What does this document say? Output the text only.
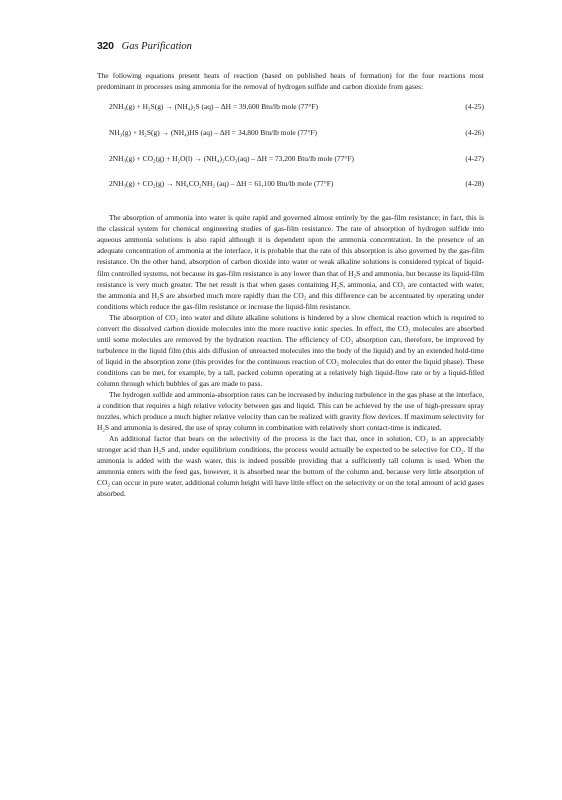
320 Gas Purification

The following equations present heats of reaction (based on published heats of formation) for the four reactions most predominant in processes using ammonia for the removal of hydrogen sulfide and carbon dioxide from gases:

2NH₃(g) + H₂S(g) → (NH₄)₂S (aq) – ΔH = 39,600 Btu/lb mole (77°F)	(4-25)
NH₃(g) + H₂S(g) → (NH₄)HS (aq) – ΔH = 34,800 Btu/lb mole (77°F)	(4-26)
2NH₃(g) + CO₂(g) + H₂O(l) → (NH₄)₂CO₃(aq) – ΔH = 73,200 Btu/lb mole (77°F)	(4-27)
2NH₃(g) + CO₂(g) → NH₄CO₂NH₂ (aq) – ΔH = 61,100 Btu/lb mole (77°F)	(4-28)

The absorption of ammonia into water is quite rapid and governed almost entirely by the gas-film resistance; in fact, this is the classical system for chemical engineering studies of gas-film resistance. The rate of absorption of hydrogen sulfide into aqueous ammonia solutions is also rapid although it is dependent upon the ammonia concentration. In the presence of an adequate concentration of ammonia at the interface, it is probable that the rate of this absorption is also governed by the gas-film resistance. On the other hand, absorption of carbon dioxide into water or weak alkaline solutions is considered typical of liquid-film controlled systems, not because its gas-film resistance is any lower than that of H₂S and ammonia, but because its liquid-film resistance is very much greater. The net result is that when gases containing H₂S, ammonia, and CO₂ are contacted with water, the ammonia and H₂S are absorbed much more rapidly than the CO₂ and this difference can be accentuated by operating under conditions which reduce the gas-film resistance or increase the liquid-film resistance.

The absorption of CO₂ into water and dilute alkaline solutions is hindered by a slow chemical reaction which is required to convert the dissolved carbon dioxide molecules into the more reactive ionic species. In effect, the CO₂ molecules are absorbed until some molecules are removed by the hydration reaction. The efficiency of CO₂ absorption can, therefore, be improved by turbulence in the liquid film (this aids diffusion of unreacted molecules into the body of the liquid) and by an extended hold-time of liquid in the absorption zone (this provides for the continuous reaction of CO₂ molecules that do enter the liquid phase). These conditions can be met, for example, by a tall, packed column operating at a relatively high liquid-flow rate or by a liquid-filled column through which bubbles of gas are made to pass.

The hydrogen sulfide and ammonia-absorption rates can be increased by inducing turbulence in the gas phase at the interface, a condition that requires a high relative velocity between gas and liquid. This can be achieved by the use of high-pressure spray nozzles, which produce a much higher relative velocity than can be realized with gravity flow devices. If maximum selectivity for H₂S and ammonia is desired, the use of spray column in combination with relatively short contact-time is indicated.

An additional factor that bears on the selectivity of the process is the fact that, once in solution, CO₂ is an appreciably stronger acid than H₂S and, under equilibrium conditions, the process would actually be expected to be selective for CO₂. If the ammonia is added with the wash water, this is indeed possible providing that a sufficiently tall column is used. When the ammonia enters with the feed gas, however, it is absorbed near the bottom of the column and, because very little absorption of CO₂ can occur in pure water, additional column height will have little effect on the selectivity or on the total amount of acid gases absorbed.
